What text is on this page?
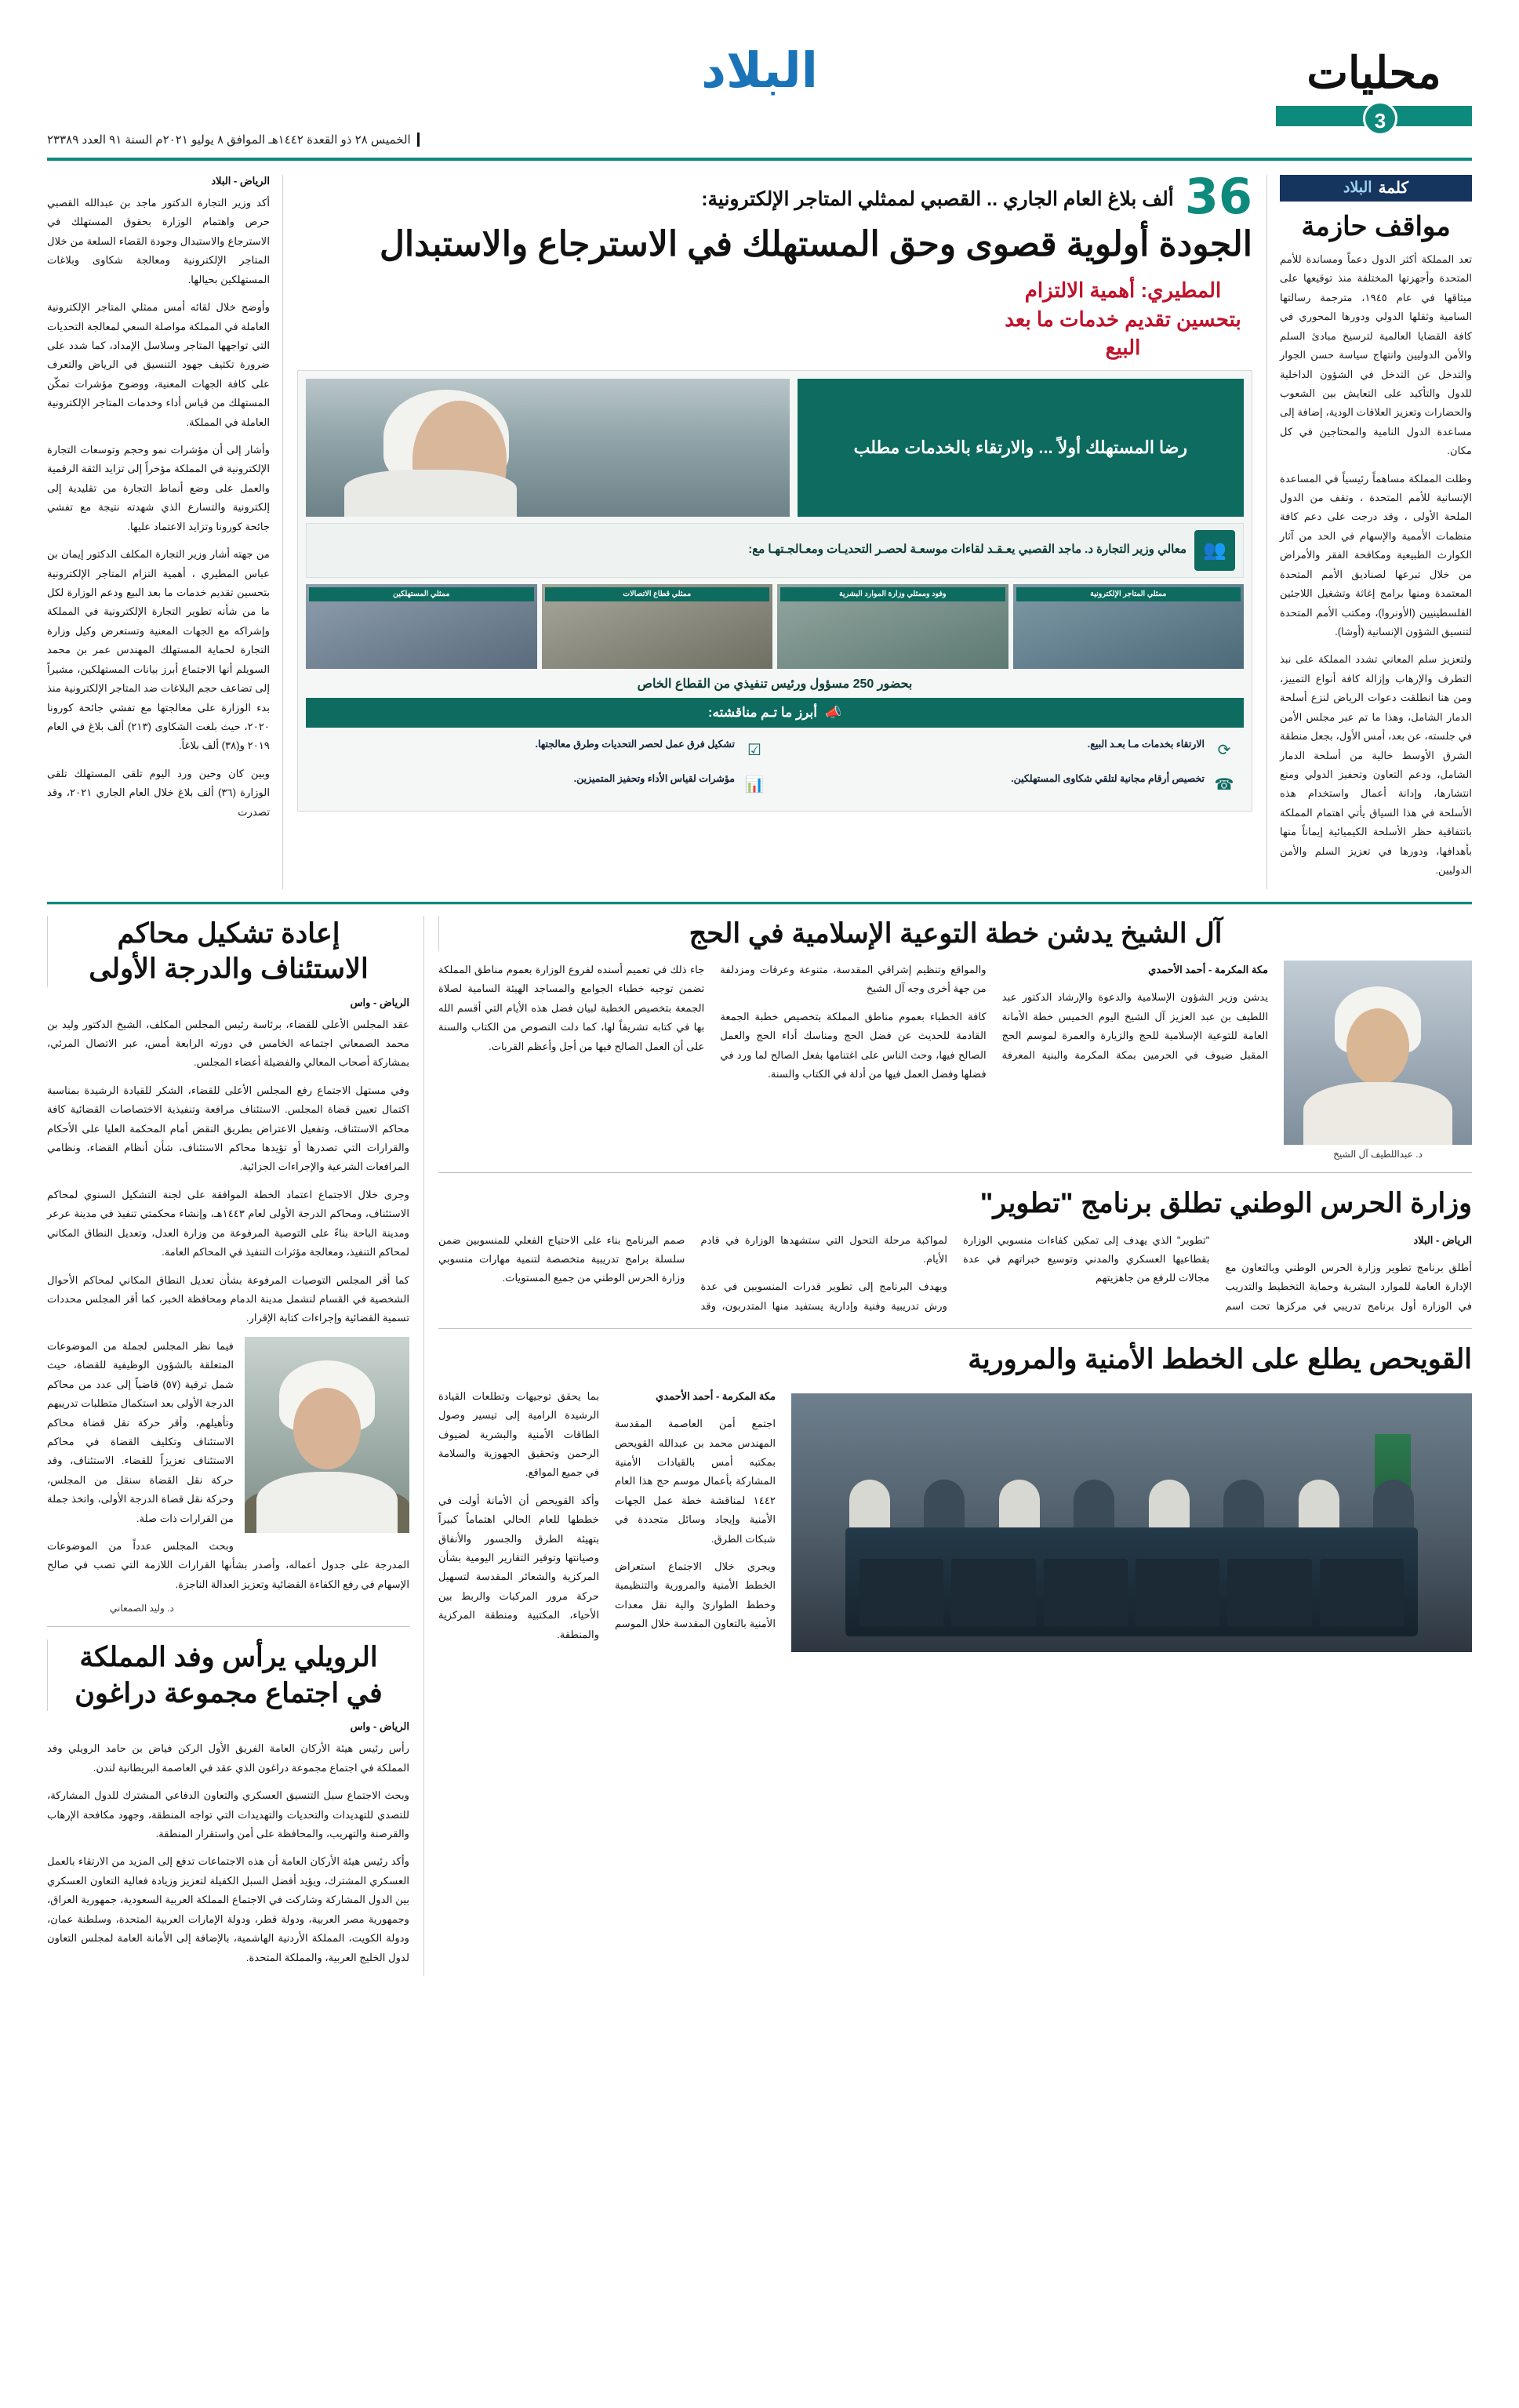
محليات
3
البلاد
الخميس ٢٨ ذو القعدة ١٤٤٢هـ الموافق ٨ يوليو ٢٠٢١م السنة ٩١ العدد ٢٣٣٨٩
كلمة
البلاد
مواقف حازمة

تعد المملكة أكثر الدول دعماً ومساندة للأمم المتحدة وأجهزتها المختلفة منذ توقيعها على ميثاقها في عام ١٩٤٥، مترجمة رسالتها السامية وثقلها الدولي ودورها المحوري في كافة القضايا العالمية لترسيخ مبادئ السلم والأمن الدوليين وانتهاج سياسة حسن الجوار والتدخل عن التدخل في الشؤون الداخلية للدول والتأكيد على التعايش بين الشعوب والحضارات وتعزيز العلاقات الودية، إضافة إلى مساعدة الدول النامية والمحتاجين في كل مكان.

وظلت المملكة مساهماً رئيسياً في المساعدة الإنسانية للأمم المتحدة ، وتقف من الدول الملحة الأولى ، وقد درجت على دعم كافة منظمات الأممية والإسهام في الحد من آثار الكوارث الطبيعية ومكافحة الفقر والأمراض من خلال تبرعها لصناديق الأمم المتحدة المعتمدة ومنها برامج إغاثة وتشغيل اللاجئين الفلسطينيين (الأونروا)، ومكتب الأمم المتحدة لتنسيق الشؤون الإنسانية (أوشا).

ولتعزيز سلم المعاني تشدد المملكة على نبذ التطرف والإرهاب وإزالة كافة أنواع التمييز، ومن هنا انطلقت دعوات الرياض لنزع أسلحة الدمار الشامل، وهذا ما تم عبر مجلس الأمن في جلسته، عن بعد، أمس الأول، بجعل منطقة الشرق الأوسط خالية من أسلحة الدمار الشامل، ودعم التعاون وتحفيز الدولي ومنع انتشارها، وإدانة أعمال واستخدام هذه الأسلحة في هذا السياق يأتي اهتمام المملكة بانتفاقية حظر الأسلحة الكيميائية إيماناً منها بأهدافها، ودورها في تعزيز السلم والأمن الدوليين.

36
ألف بلاغ العام الجاري .. القصبي لممثلي المتاجر الإلكترونية:
الجودة أولوية قصوى وحق المستهلك في الاسترجاع والاستبدال
المطيري: أهمية الالتزام بتحسين تقديم خدمات ما بعد البيع
رضا المستهلك أولاً ... والارتقاء بالخدمات مطلب
👥
معالي وزير التجارة د. ماجد القصبي يعـقـد لقاءات موسعـة لحصـر التحديـات ومعـالجـتهـا مع:
ممثلي المتاجر الإلكترونية
وفود وممثلي وزارة الموارد البشرية
ممثلي قطاع الاتصالات
ممثلي المستهلكين
بحضور 250 مسؤول ورئيس تنفيذي من القطاع الخاص
📣
أبرز ما تـم مناقشته:
⟳
الارتقاء بخدمات مـا بعـد البيع.
☑
تشكيل فرق عمل لحصر التحديات وطرق معالجتها.
☎
تخصيص أرقام مجانية لتلقي شكاوى المستهلكين.
📊
مؤشرات لقياس الأداء وتحفيز المتميزين.
الرياض - البلاد

أكد وزير التجارة الدكتور ماجد بن عبدالله القصبي حرص واهتمام الوزارة بحقوق المستهلك في الاسترجاع والاستبدال وجودة القضاء السلعة من خلال المتاجر الإلكترونية ومعالجة شكاوى وبلاغات المستهلكين بحيالها.

وأوضح خلال لقائه أمس ممثلي المتاجر الإلكترونية العاملة في المملكة مواصلة السعي لمعالجة التحديات التي تواجهها المتاجر وسلاسل الإمداد، كما شدد على ضرورة تكثيف جهود التنسيق في الرياض والتعرف على كافة الجهات المعنية، ووضوح مؤشرات تمكّن المستهلك من قياس أداء وخدمات المتاجر الإلكترونية العاملة في المملكة.

وأشار إلى أن مؤشرات نمو وحجم وتوسعات التجارة الإلكترونية في المملكة مؤخراً إلى تزايد الثقة الرقمية والعمل على وضع أنماط التجارة من تقليدية إلى إلكترونية والتسارع الذي شهدته نتيجة مع تفشي جائحة كورونا وتزايد الاعتماد عليها.

من جهته أشار وزير التجارة المكلف الدكتور إيمان بن عباس المطيري ، أهمية التزام المتاجر الإلكترونية بتحسين تقديم خدمات ما بعد البيع ودعم الوزارة لكل ما من شأنه تطوير التجارة الإلكترونية في المملكة وإشراكه مع الجهات المعنية وتستعرض وكيل وزارة التجارة لحماية المستهلك المهندس عمر بن محمد السويلم أنها الاجتماع أبرز بيانات المستهلكين، مشيراً إلى تضاعف حجم البلاغات ضد المتاجر الإلكترونية منذ بدء الوزارة على معالجتها مع تفشي جائحة كورونا ٢٠٢٠، حيث بلغت الشكاوى (٢١٣) ألف بلاغ في العام ٢٠١٩ و(٣٨) ألف بلاغاً.

وبين كان وحين ورد اليوم تلقى المستهلك تلقى الوزارة (٣٦) ألف بلاغ خلال العام الجاري ٢٠٢١، وقد تصدرت

آل الشيخ يدشن خطة التوعية الإسلامية في الحج
د. عبداللطيف آل الشيخ

مكة المكرمة - أحمد الأحمدي

يدشن وزير الشؤون الإسلامية والدعوة والإرشاد الدكتور عبد اللطيف بن عبد العزيز آل الشيخ اليوم الخميس خطة الأمانة العامة للتوعية الإسلامية للحج والزيارة والعمرة لموسم الحج المقبل ضيوف في الحرمين بمكة المكرمة والبنية المعرفة والمواقع وتنظيم إشراقي المقدسة، متنوعة وعرفات ومزدلفة من جهة أخرى وجه آل الشيخ

كافة الخطباء بعموم مناطق المملكة بتخصيص خطبة الجمعة القادمة للحديث عن فضل الحج ومناسك أداء الحج والعمل الصالح فيها، وحث الناس على اغتنامها بفعل الصالح لما ورد في فضلها وفضل العمل فيها من أدلة في الكتاب والسنة.

جاء ذلك في تعميم أسنده لفروع الوزارة بعموم مناطق المملكة تضمن توجيه خطباء الجوامع والمساجد الهيئة السامية لصلاة الجمعة بتخصيص الخطبة لبيان فضل هذه الأيام التي أقسم الله بها في كتابه تشريفاً لها، كما دلت النصوص من الكتاب والسنة على أن العمل الصالح فيها من أجل وأعظم القربات.

وزارة الحرس الوطني تطلق برنامج "تطوير"

الرياض - البلاد

أطلق برنامج تطوير وزارة الحرس الوطني وبالتعاون مع الإدارة العامة للموارد البشرية وحماية التخطيط والتدريب في الوزارة أول برنامج تدريبي في مركزها تحت اسم "تطوير" الذي يهدف إلى تمكين كفاءات منسوبي الوزارة بقطاعيها العسكري والمدني وتوسيع خبراتهم في عدة مجالات للرفع من جاهزيتهم

لمواكبة مرحلة التحول التي ستشهدها الوزارة في قادم الأيام.

ويهدف البرنامج إلى تطوير قدرات المنسوبين في عدة ورش تدريبية وفنية وإدارية يستفيد منها المتدربون، وقد صمم البرنامج بناء على الاحتياج الفعلي للمنسوبين ضمن سلسلة برامج تدريبية متخصصة لتنمية مهارات منسوبي وزارة الحرس الوطني من جميع المستويات.

القويحص يطلع على الخطط الأمنية والمرورية

مكة المكرمة - أحمد الأحمدي

اجتمع أمن العاصمة المقدسة المهندس محمد بن عبدالله القويحص بمكتبه أمس بالقيادات الأمنية المشاركة بأعمال موسم حج هذا العام ١٤٤٢ لمناقشة خطة عمل الجهات الأمنية وإيجاد وسائل متجددة في شبكات الطرق.

ويجري خلال الاجتماع استعراض الخطط الأمنية والمرورية والتنظيمية وخطط الطوارئ والية نقل معدات الأمنية بالتعاون المقدسة خلال الموسم بما يحقق توجيهات وتطلعات القيادة الرشيدة الرامية إلى تيسير وصول الطاقات الأمنية والبشرية لضيوف الرحمن وتحقيق الجهوزية والسلامة في جميع المواقع.

وأكد القويحص أن الأمانة أولت في خططها للعام الحالي اهتماماً كبيراً بتهيئة الطرق والجسور والأنفاق وصيانتها وتوفير التقارير اليومية بشأن المركزية والشعائر المقدسة لتسهيل حركة مرور المركبات والربط بين الأحياء، المكتبية ومنطقة المركزية والمنطقة.

إعادة تشكيل محاكم الاستئناف والدرجة الأولى
الرياض - واس

عقد المجلس الأعلى للقضاء، برئاسة رئيس المجلس المكلف، الشيخ الدكتور وليد بن محمد الصمعاني اجتماعه الخامس في دورته الرابعة أمس، عبر الاتصال المرئي، بمشاركة أصحاب المعالي والفضيلة أعضاء المجلس.

وفي مستهل الاجتماع رفع المجلس الأعلى للقضاء، الشكر للقيادة الرشيدة بمناسبة اكتمال تعيين قضاة المجلس. الاستئناف مرافعة وتنفيذية الاختصاصات القضائية كافة محاكم الاستئناف، وتفعيل الاعتراض بطريق النقض أمام المحكمة العليا على الأحكام والقرارات التي تصدرها أو تؤيدها محاكم الاستئناف، شأن أنظام القضاء، ونظامي المرافعات الشرعية والإجراءات الجزائية.

وجرى خلال الاجتماع اعتماد الخطة الموافقة على لجنة التشكيل السنوي لمحاكم الاستئناف، ومحاكم الدرجة الأولى لعام ١٤٤٣هـ، وإنشاء محكمتي تنفيذ في مدينة عرعر ومدينة الباحة بناءً على التوصية المرفوعة من وزارة العدل، وتعديل النطاق المكاني لمحاكم التنفيذ، ومعالجة مؤثرات التنفيذ في المحاكم العامة.

كما أقر المجلس التوصيات المرفوعة بشأن تعديل النطاق المكاني لمحاكم الأحوال الشخصية في القسام لنشمل مدينة الدمام ومحافظة الخبر، كما أقر المجلس محددات تسمية القضائية وإجراءات كتابة الإقرار.

فيما نظر المجلس لجملة من الموضوعات المتعلقة بالشؤون الوظيفية للقضاة، حيث شمل ترقية (٥٧) قاضياً إلى عدد من محاكم الدرجة الأولى بعد استكمال متطلبات تدريبهم وتأهيلهم، وأقر حركة نقل قضاة محاكم الاستئناف وتكليف القضاة في محاكم الاستئناف تعزيزاً للقضاء. الاستئناف، وقد حركة نقل القضاة سنقل من المجلس، وحركة نقل قضاة الدرجة الأولى، واتخذ جملة من القرارات ذات صلة.

وبحث المجلس عدداً من الموضوعات المدرجة على جدول أعماله، وأصدر بشأنها القرارات اللازمة التي تصب في صالح الإسهام في رفع الكفاءة القضائية وتعزيز العدالة الناجزة.

د. وليد الصمعاني
الرويلي يرأس وفد المملكة في اجتماع مجموعة دراغون
الرياض - واس

رأس رئيس هيئة الأركان العامة الفريق الأول الركن فياض بن حامد الرويلي وفد المملكة في اجتماع مجموعة دراغون الذي عقد في العاصمة البريطانية لندن.

وبحث الاجتماع سبل التنسيق العسكري والتعاون الدفاعي المشترك للدول المشاركة، للتصدي للتهديدات والتحديات والتهديدات التي تواجه المنطقة، وجهود مكافحة الإرهاب والقرصنة والتهريب، والمحافظة على أمن واستقرار المنطقة.

وأكد رئيس هيئة الأركان العامة أن هذه الاجتماعات تدفع إلى المزيد من الارتقاء بالعمل العسكري المشترك، ويؤيد أفضل السبل الكفيلة لتعزيز وزيادة فعالية التعاون العسكري بين الدول المشاركة وشاركت في الاجتماع المملكة العربية السعودية، جمهورية العراق، وجمهورية مصر العربية، ودولة قطر، ودولة الإمارات العربية المتحدة، وسلطنة عمان، ودولة الكويت، المملكة الأردنية الهاشمية، بالإضافة إلى الأمانة العامة لمجلس التعاون لدول الخليج العربية، والمملكة المتحدة.
